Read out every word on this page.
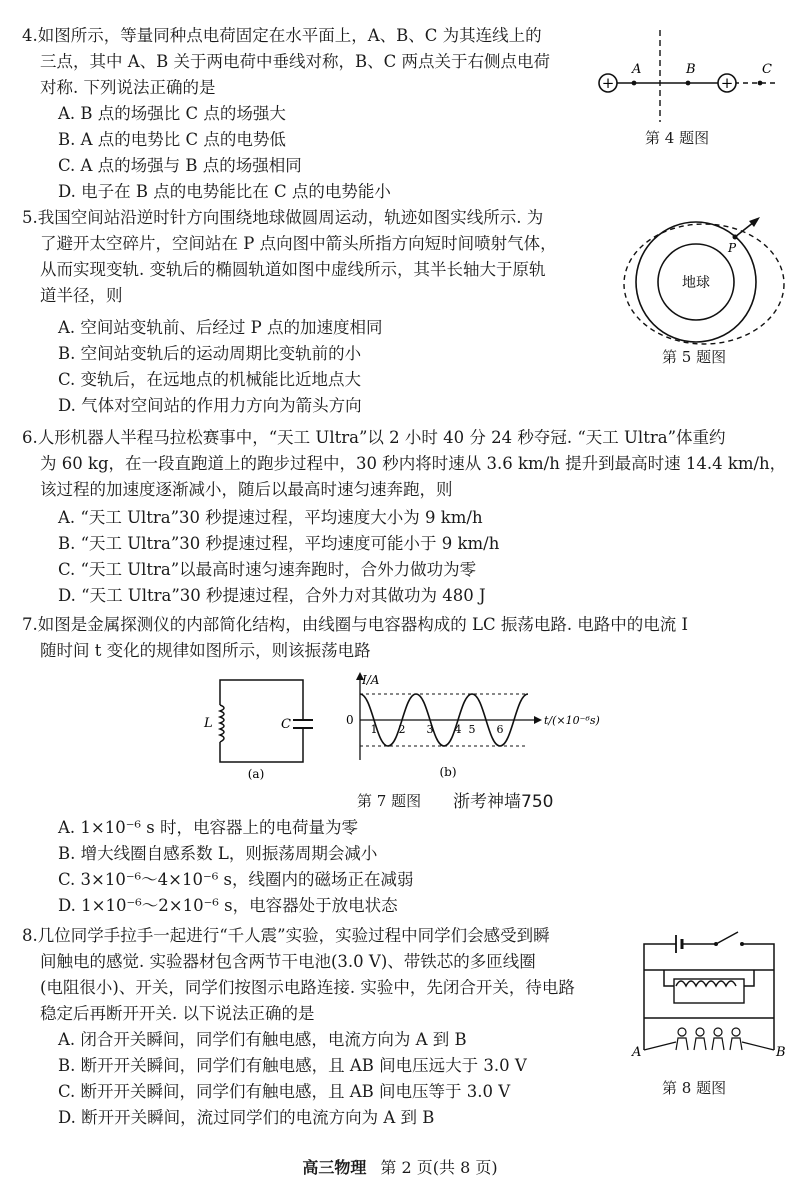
4.如图所示，等量同种点电荷固定在水平面上，A、B、C 为其连线上的
三点，其中 A、B 关于两电荷中垂线对称，B、C 两点关于右侧点电荷
对称. 下列说法正确的是
A. B 点的场强比 C 点的场强大
B. A 点的电势比 C 点的电势低
C. A 点的场强与 B 点的场强相同
D. 电子在 B 点的电势能比在 C 点的电势能小
+	+
A	B	C
第 4 题图
5.我国空间站沿逆时针方向围绕地球做圆周运动，轨迹如图实线所示. 为
了避开太空碎片，空间站在 P 点向图中箭头所指方向短时间喷射气体，
从而实现变轨. 变轨后的椭圆轨道如图中虚线所示，其半长轴大于原轨
道半径，则
A. 空间站变轨前、后经过 P 点的加速度相同
B. 空间站变轨后的运动周期比变轨前的小
C. 变轨后，在远地点的机械能比近地点大
D. 气体对空间站的作用力方向为箭头方向
地球
P
第 5 题图
6.人形机器人半程马拉松赛事中，“天工 Ultra”以 2 小时 40 分 24 秒夺冠. “天工 Ultra”体重约
为 60 kg，在一段直跑道上的跑步过程中，30 秒内将时速从 3.6 km/h 提升到最高时速 14.4 km/h，
该过程的加速度逐渐减小，随后以最高时速匀速奔跑，则
A. “天工 Ultra”30 秒提速过程，平均速度大小为 9 km/h
B. “天工 Ultra”30 秒提速过程，平均速度可能小于 9 km/h
C. “天工 Ultra”以最高时速匀速奔跑时，合外力做功为零
D. “天工 Ultra”30 秒提速过程，合外力对其做功为 480 J
7.如图是金属探测仪的内部简化结构，由线圈与电容器构成的 LC 振荡电路. 电路中的电流 I
随时间 t 变化的规律如图所示，则该振荡电路
L	C
(a)
I/A
0
1 2 3 4 5 6
t/(×10⁻⁶s)
(b)
第 7 题图 浙考神墙750
A. 1×10⁻⁶ s 时，电容器上的电荷量为零
B. 增大线圈自感系数 L，则振荡周期会减小
C. 3×10⁻⁶～4×10⁻⁶ s，线圈内的磁场正在减弱
D. 1×10⁻⁶～2×10⁻⁶ s，电容器处于放电状态
8.几位同学手拉手一起进行“千人震”实验，实验过程中同学们会感受到瞬
间触电的感觉. 实验器材包含两节干电池(3.0 V)、带铁芯的多匝线圈
(电阻很小)、开关，同学们按图示电路连接. 实验中，先闭合开关，待电路
稳定后再断开开关. 以下说法正确的是
A. 闭合开关瞬间，同学们有触电感，电流方向为 A 到 B
B. 断开开关瞬间，同学们有触电感，且 AB 间电压远大于 3.0 V
C. 断开开关瞬间，同学们有触电感，且 AB 间电压等于 3.0 V
D. 断开开关瞬间，流过同学们的电流方向为 A 到 B
A	B
第 8 题图
高三物理 第 2 页(共 8 页)
